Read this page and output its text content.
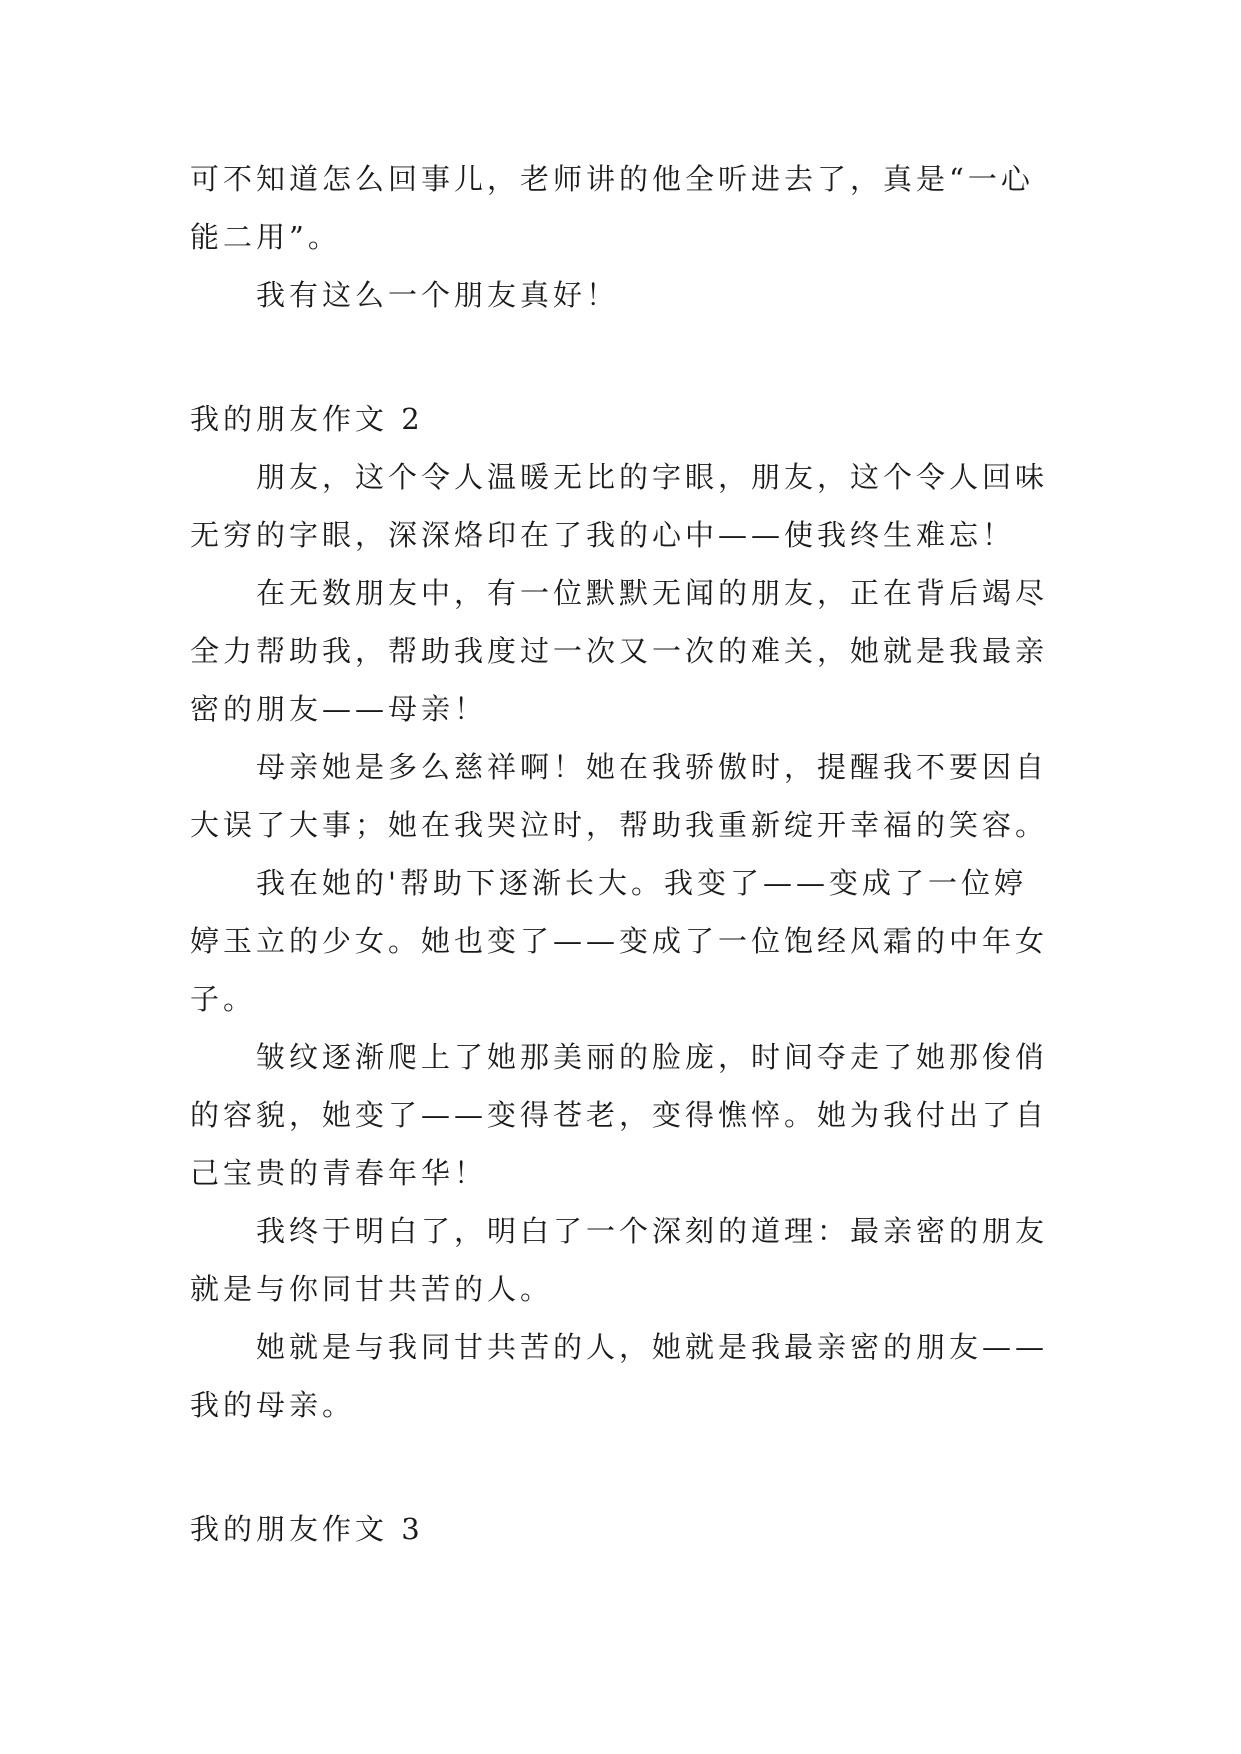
可不知道怎么回事儿，老师讲的他全听进去了，真是“一心能二用”。

我有这么一个朋友真好！

我的朋友作文 2

朋友，这个令人温暖无比的字眼，朋友，这个令人回味无穷的字眼，深深烙印在了我的心中——使我终生难忘！

在无数朋友中，有一位默默无闻的朋友，正在背后竭尽全力帮助我，帮助我度过一次又一次的难关，她就是我最亲密的朋友——母亲！

母亲她是多么慈祥啊！她在我骄傲时，提醒我不要因自大误了大事；她在我哭泣时，帮助我重新绽开幸福的笑容。

我在她的'帮助下逐渐长大。我变了——变成了一位婷婷玉立的少女。她也变了——变成了一位饱经风霜的中年女子。

皱纹逐渐爬上了她那美丽的脸庞，时间夺走了她那俊俏的容貌，她变了——变得苍老，变得憔悴。她为我付出了自己宝贵的青春年华！

我终于明白了，明白了一个深刻的道理：最亲密的朋友就是与你同甘共苦的人。

她就是与我同甘共苦的人，她就是我最亲密的朋友——我的母亲。

我的朋友作文 3
